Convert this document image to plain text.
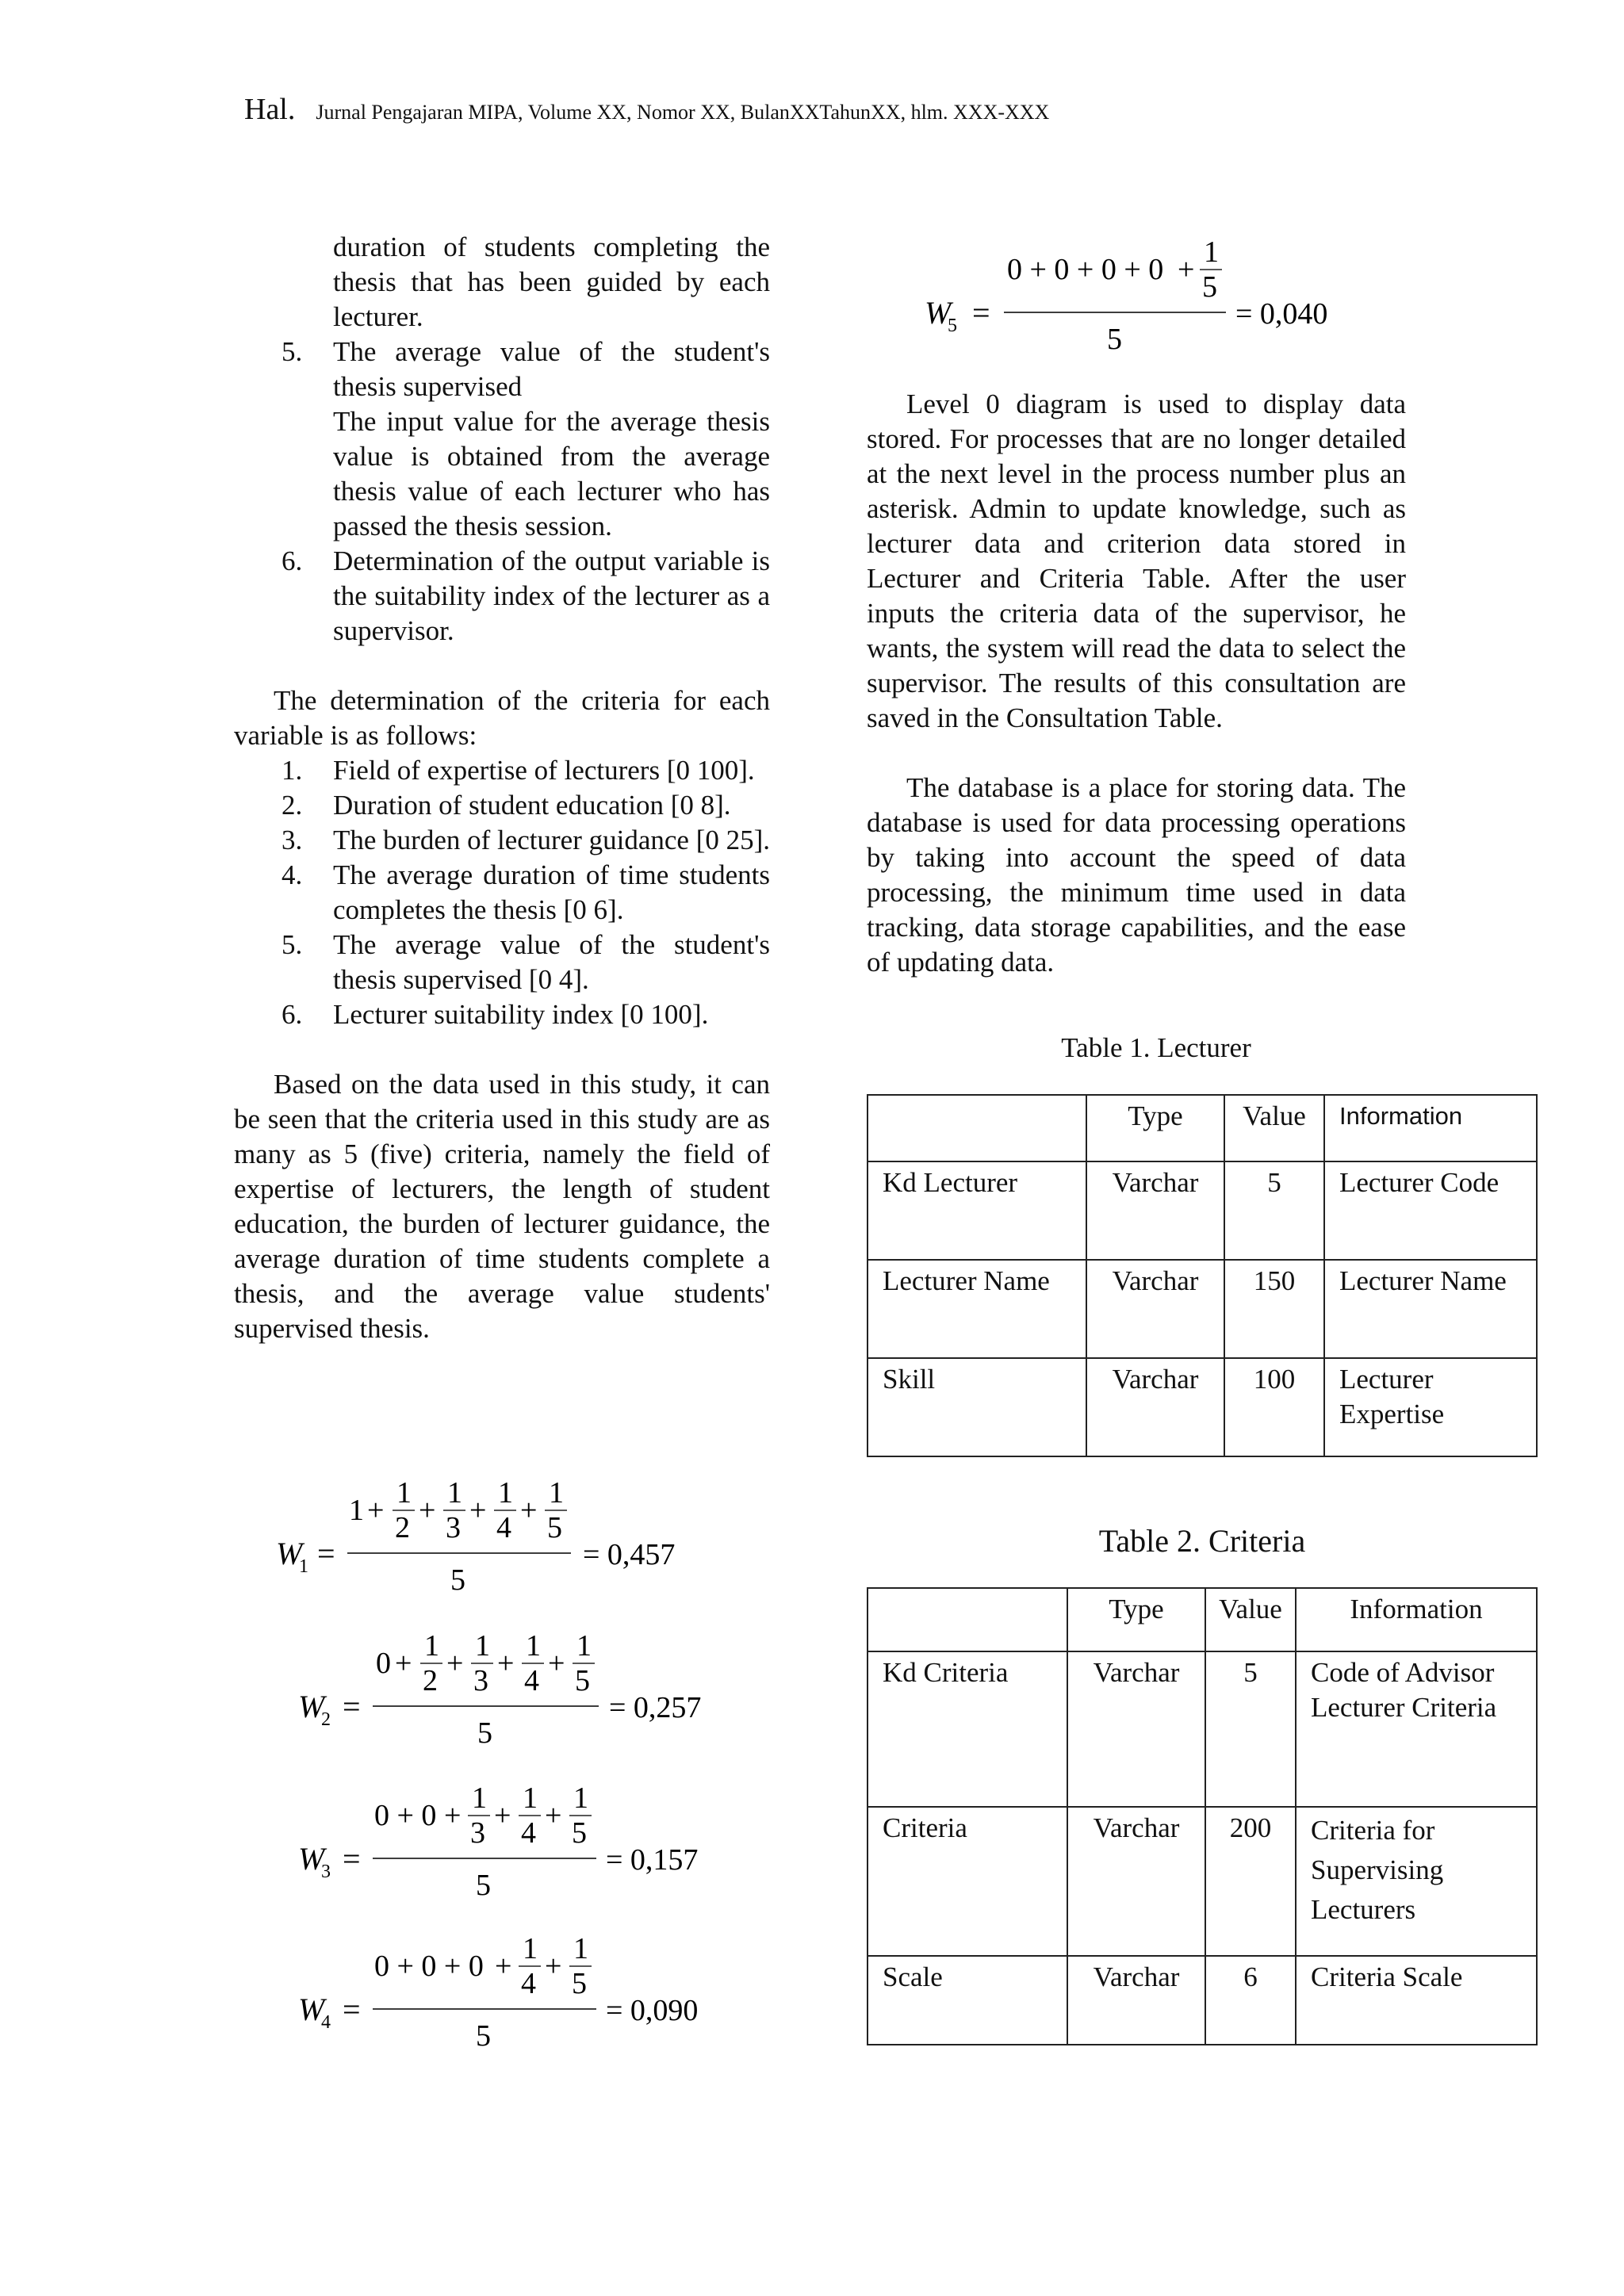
Hal. Jurnal Pengajaran MIPA, Volume XX, Nomor XX, BulanXXTahunXX, hlm. XXX-XXX
duration of students completing the thesis that has been guided by each lecturer.
5. The average value of the student's thesis supervised
The input value for the average thesis value is obtained from the average thesis value of each lecturer who has passed the thesis session.
6. Determination of the output variable is the suitability index of the lecturer as a supervisor.

The determination of the criteria for each variable is as follows:

1. Field of expertise of lecturers [0 100].
2. Duration of student education [0 8].
3. The burden of lecturer guidance [0 25].
4. The average duration of time students completes the thesis [0 6].
5. The average value of the student's thesis supervised [0 4].
6. Lecturer suitability index [0 100].

Based on the data used in this study, it can be seen that the criteria used in this study are as many as 5 (five) criteria, namely the field of expertise of lecturers, the length of student education, the burden of lecturer guidance, the average duration of time students complete a thesis, and the average value students' supervised thesis.

W
1 =
1 +
1
2
+
1
3
+
1
4
+
1
5
5
= 0,457
W
2 =
0 +
1
2
+
1
3
+
1
4
+
1
5
5
= 0,257
W
3 =
0 + 0 +
1
3
+
1
4
+
1
5
5
= 0,157
W
4 =
0 + 0 + 0 +
1
4
+
1
5
5
= 0,090
W
5 =
0 + 0 + 0 + 0 +
1
5
5
= 0,040

Level 0 diagram is used to display data stored. For processes that are no longer detailed at the next level in the process number plus an asterisk. Admin to update knowledge, such as lecturer data and criterion data stored in Lecturer and Criteria Table. After the user inputs the criteria data of the supervisor, he wants, the system will read the data to select the supervisor. The results of this consultation are saved in the Consultation Table.

The database is a place for storing data. The database is used for data processing operations by taking into account the speed of data processing, the minimum time used in data tracking, data storage capabilities, and the ease of updating data.

Table 1. Lecturer
	Type	Value	Information
Kd Lecturer	Varchar	5	Lecturer Code
Lecturer Name	Varchar	150	Lecturer Name
Skill	Varchar	100	Lecturer Expertise
Table 2. Criteria
	Type	Value	Information
Kd Criteria	Varchar	5	Code of Advisor Lecturer Criteria
Criteria	Varchar	200	Criteria for Supervising Lecturers
Scale	Varchar	6	Criteria Scale
